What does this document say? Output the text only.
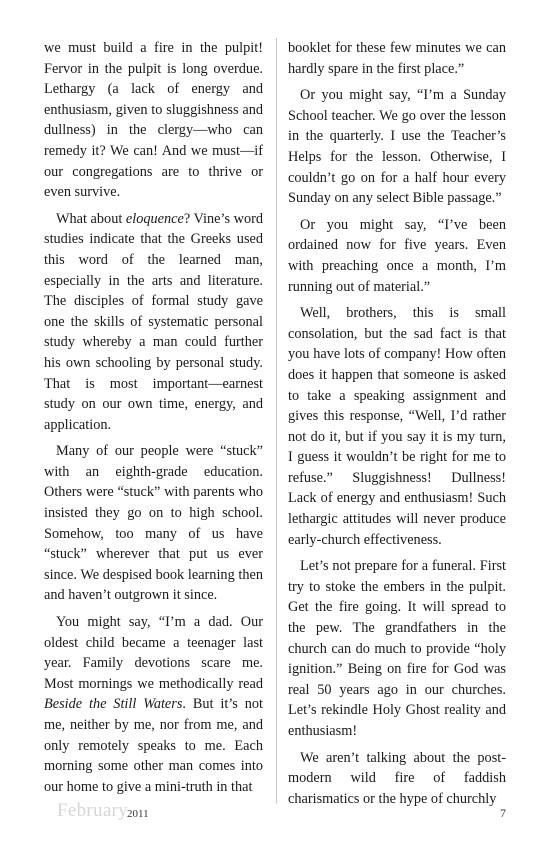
we must build a fire in the pulpit! Fervor in the pulpit is long overdue. Lethargy (a lack of energy and enthusiasm, given to sluggishness and dullness) in the clergy—who can remedy it? We can! And we must—if our congregations are to thrive or even survive.

What about eloquence? Vine’s word studies indicate that the Greeks used this word of the learned man, especially in the arts and literature. The disciples of formal study gave one the skills of systematic personal study whereby a man could further his own schooling by personal study. That is most important—earnest study on our own time, energy, and application.

Many of our people were “stuck” with an eighth-grade education. Others were “stuck” with parents who insisted they go on to high school. Somehow, too many of us have “stuck” wherever that put us ever since. We despised book learning then and haven’t outgrown it since.

You might say, “I’m a dad. Our oldest child became a teenager last year. Family devotions scare me. Most mornings we methodically read Beside the Still Waters. But it’s not me, neither by me, nor from me, and only remotely speaks to me. Each morning some other man comes into our home to give a mini-truth in that

booklet for these few minutes we can hardly spare in the first place.”

Or you might say, “I’m a Sunday School teacher. We go over the lesson in the quarterly. I use the Teacher’s Helps for the lesson. Otherwise, I couldn’t go on for a half hour every Sunday on any select Bible passage.”

Or you might say, “I’ve been ordained now for five years. Even with preaching once a month, I’m running out of material.”

Well, brothers, this is small consolation, but the sad fact is that you have lots of company! How often does it happen that someone is asked to take a speaking assignment and gives this response, “Well, I’d rather not do it, but if you say it is my turn, I guess it wouldn’t be right for me to refuse.” Sluggishness! Dullness! Lack of energy and enthusiasm! Such lethargic attitudes will never produce early-church effectiveness.

Let’s not prepare for a funeral. First try to stoke the embers in the pulpit. Get the fire going. It will spread to the pew. The grandfathers in the church can do much to provide “holy ignition.” Being on fire for God was real 50 years ago in our churches. Let’s rekindle Holy Ghost reality and enthusiasm!

We aren’t talking about the post-modern wild fire of faddish charismatics or the hype of churchly

February 2011	7
